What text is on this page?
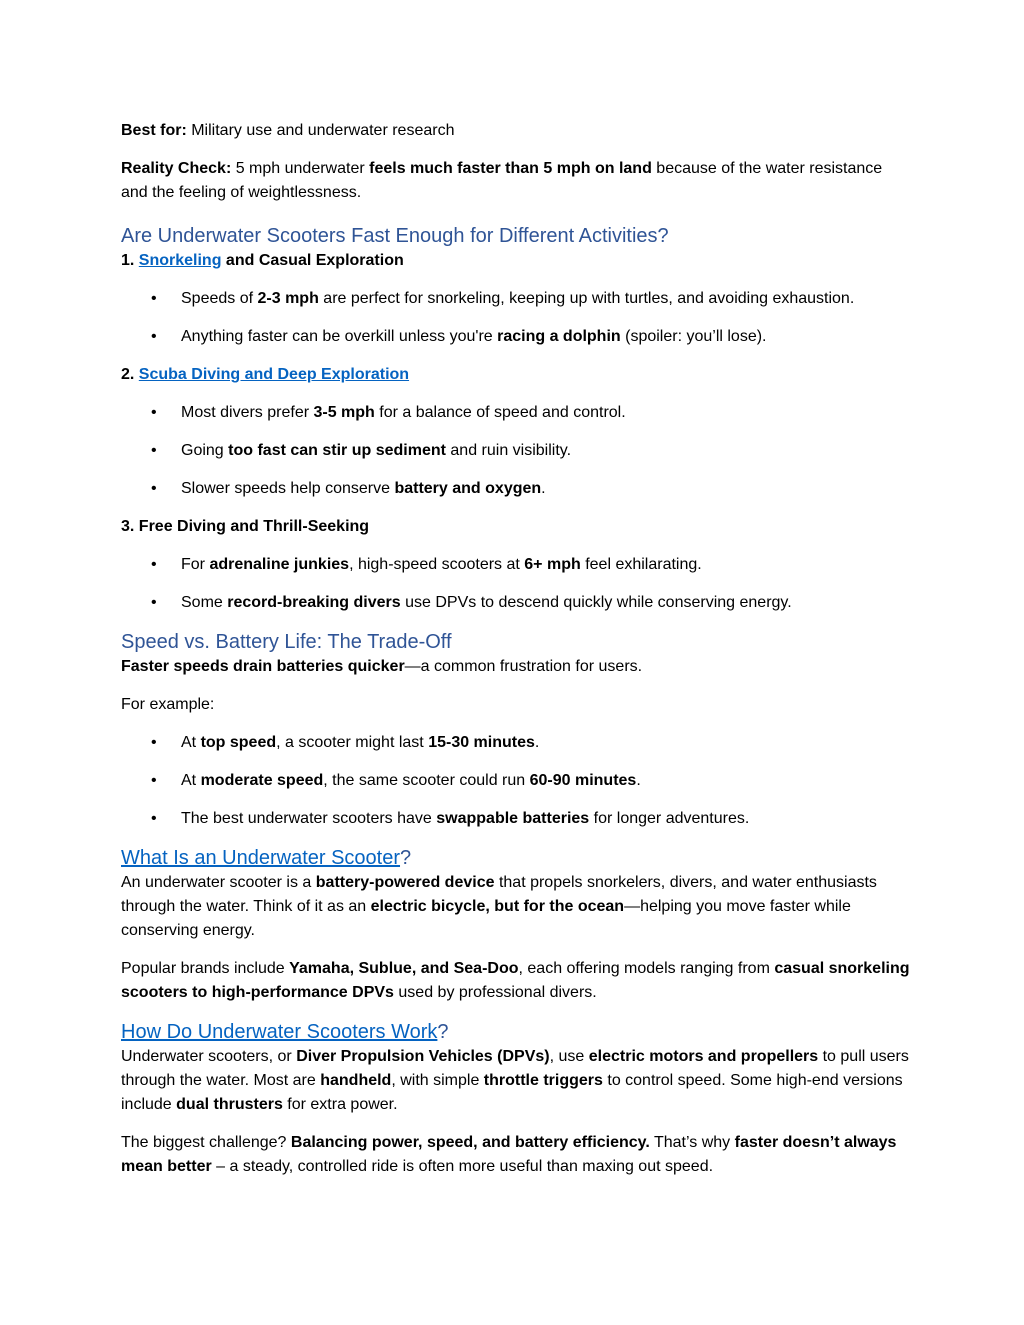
Best for: Military use and underwater research

Reality Check: 5 mph underwater feels much faster than 5 mph on land because of the water resistance and the feeling of weightlessness.

Are Underwater Scooters Fast Enough for Different Activities?

1. Snorkeling and Casual Exploration

• Speeds of 2-3 mph are perfect for snorkeling, keeping up with turtles, and avoiding exhaustion.
• Anything faster can be overkill unless you're racing a dolphin (spoiler: you’ll lose).

2. Scuba Diving and Deep Exploration

• Most divers prefer 3-5 mph for a balance of speed and control.
• Going too fast can stir up sediment and ruin visibility.
• Slower speeds help conserve battery and oxygen.

3. Free Diving and Thrill-Seeking

• For adrenaline junkies, high-speed scooters at 6+ mph feel exhilarating.
• Some record-breaking divers use DPVs to descend quickly while conserving energy.
Speed vs. Battery Life: The Trade-Off

Faster speeds drain batteries quicker—a common frustration for users.

For example:

• At top speed, a scooter might last 15-30 minutes.
• At moderate speed, the same scooter could run 60-90 minutes.
• The best underwater scooters have swappable batteries for longer adventures.
What Is an Underwater Scooter?

An underwater scooter is a battery-powered device that propels snorkelers, divers, and water enthusiasts through the water. Think of it as an electric bicycle, but for the ocean—helping you move faster while conserving energy.

Popular brands include Yamaha, Sublue, and Sea-Doo, each offering models ranging from casual snorkeling scooters to high-performance DPVs used by professional divers.

How Do Underwater Scooters Work?

Underwater scooters, or Diver Propulsion Vehicles (DPVs), use electric motors and propellers to pull users through the water. Most are handheld, with simple throttle triggers to control speed. Some high-end versions include dual thrusters for extra power.

The biggest challenge? Balancing power, speed, and battery efficiency. That’s why faster doesn’t always mean better – a steady, controlled ride is often more useful than maxing out speed.
